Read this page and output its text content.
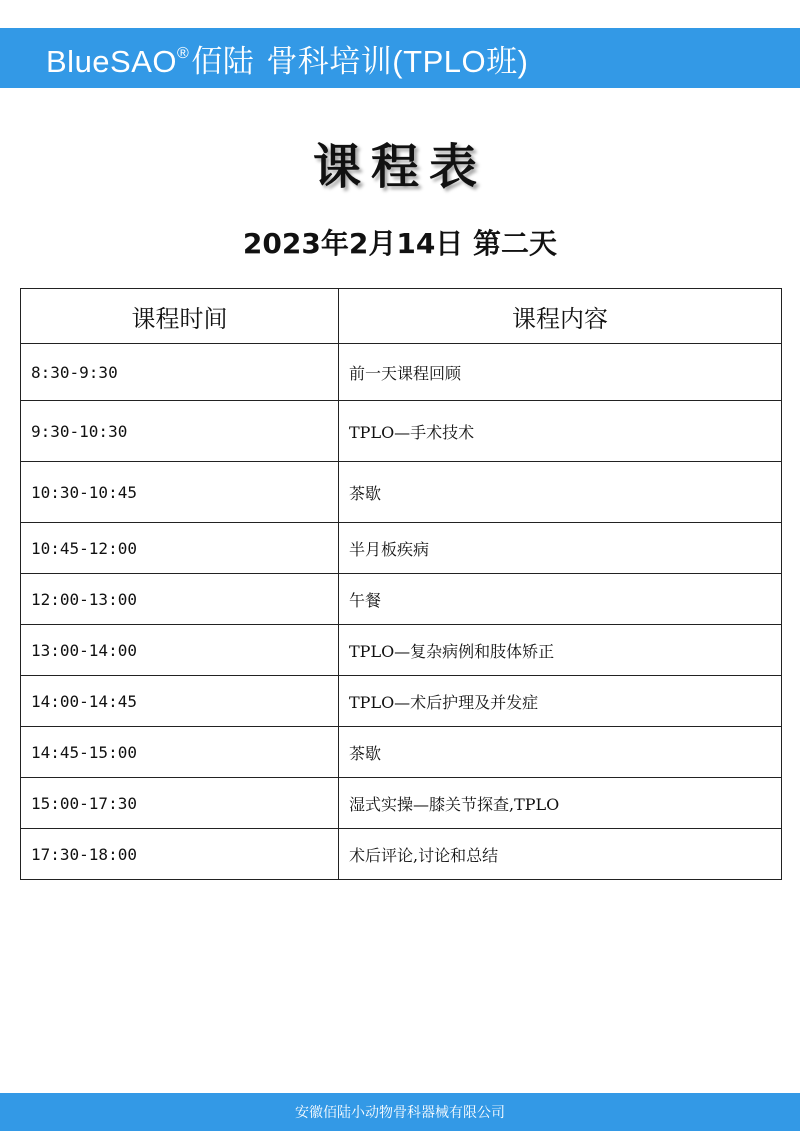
BlueSAO®佰陆 骨科培训(TPLO班)
课程表
2023年2月14日 第二天
课程时间	课程内容
8:30-9:30	前一天课程回顾
9:30-10:30	TPLO—手术技术
10:30-10:45	茶歇
10:45-12:00	半月板疾病
12:00-13:00	午餐
13:00-14:00	TPLO—复杂病例和肢体矫正
14:00-14:45	TPLO—术后护理及并发症
14:45-15:00	茶歇
15:00-17:30	湿式实操—膝关节探查,TPLO
17:30-18:00	术后评论,讨论和总结
安徽佰陆小动物骨科器械有限公司
